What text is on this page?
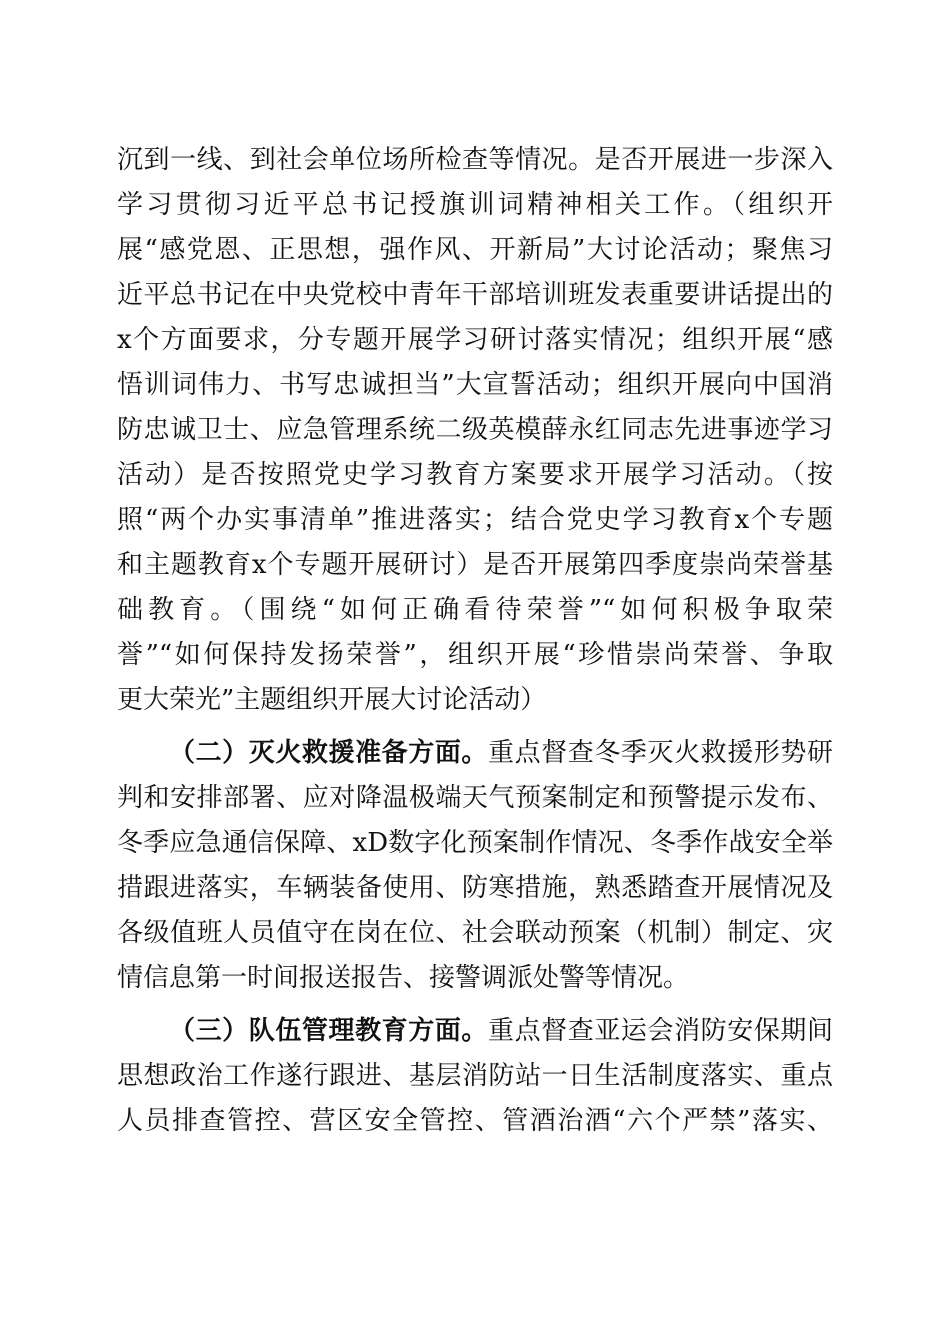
沉到一线、到社会单位场所检查等情况。是否开展进一步深入
学习贯彻习近平总书记授旗训词精神相关工作。（组织开
展“感党恩、正思想，强作风、开新局”大讨论活动；聚焦习
近平总书记在中央党校中青年干部培训班发表重要讲话提出的
x个方面要求，分专题开展学习研讨落实情况；组织开展“感
悟训词伟力、书写忠诚担当”大宣誓活动；组织开展向中国消
防忠诚卫士、应急管理系统二级英模薛永红同志先进事迹学习
活动）是否按照党史学习教育方案要求开展学习活动。（按
照“两个办实事清单”推进落实；结合党史学习教育x个专题
和主题教育x个专题开展研讨）是否开展第四季度崇尚荣誉基
础教育。（围绕“如何正确看待荣誉”“如何积极争取荣
誉”“如何保持发扬荣誉”，组织开展“珍惜崇尚荣誉、争取
更大荣光”主题组织开展大讨论活动）
（二）灭火救援准备方面。重点督查冬季灭火救援形势研
判和安排部署、应对降温极端天气预案制定和预警提示发布、
冬季应急通信保障、xD数字化预案制作情况、冬季作战安全举
措跟进落实，车辆装备使用、防寒措施，熟悉踏查开展情况及
各级值班人员值守在岗在位、社会联动预案（机制）制定、灾
情信息第一时间报送报告、接警调派处警等情况。
（三）队伍管理教育方面。重点督查亚运会消防安保期间
思想政治工作遂行跟进、基层消防站一日生活制度落实、重点
人员排查管控、营区安全管控、管酒治酒“六个严禁”落实、
